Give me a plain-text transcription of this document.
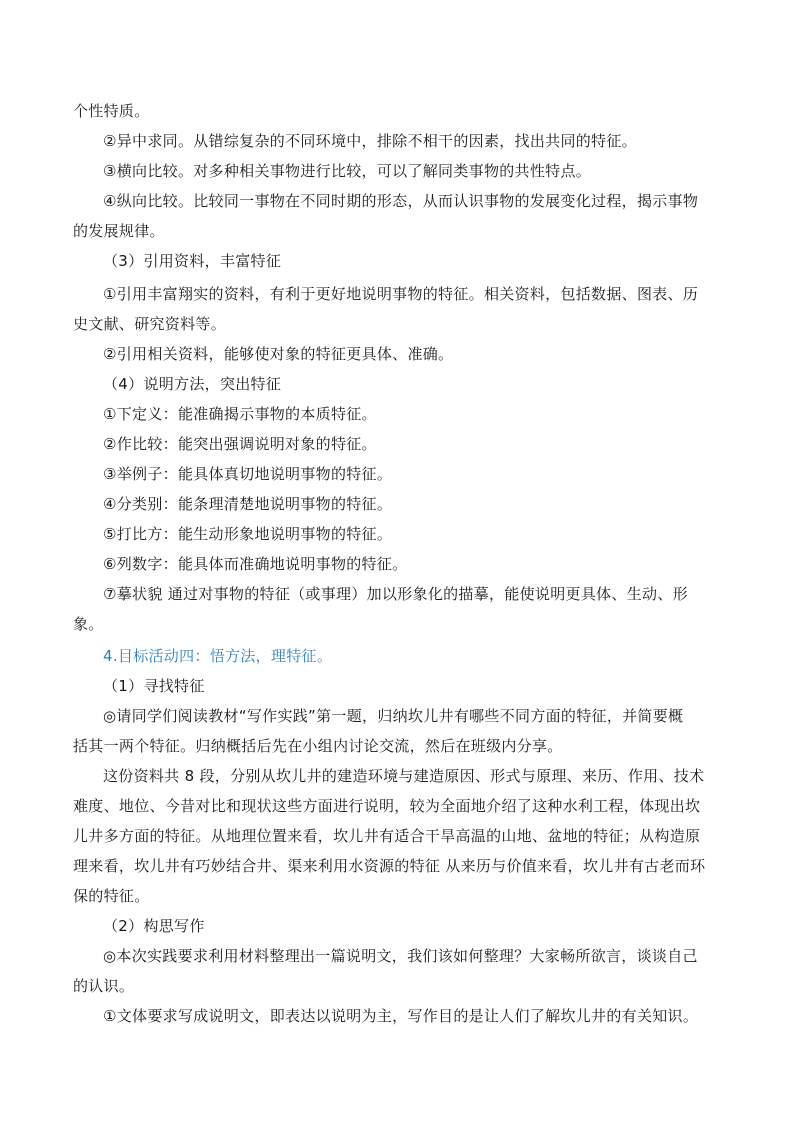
个性特质。
②异中求同。从错综复杂的不同环境中，排除不相干的因素，找出共同的特征。
③横向比较。对多种相关事物进行比较，可以了解同类事物的共性特点。
④纵向比较。比较同一事物在不同时期的形态，从而认识事物的发展变化过程，揭示事物
的发展规律。
（3）引用资料，丰富特征
①引用丰富翔实的资料，有利于更好地说明事物的特征。相关资料，包括数据、图表、历
史文献、研究资料等。
②引用相关资料，能够使对象的特征更具体、准确。
（4）说明方法，突出特征
①下定义：能准确揭示事物的本质特征。
②作比较：能突出强调说明对象的特征。
③举例子：能具体真切地说明事物的特征。
④分类别：能条理清楚地说明事物的特征。
⑤打比方：能生动形象地说明事物的特征。
⑥列数字：能具体而准确地说明事物的特征。
⑦摹状貌 通过对事物的特征（或事理）加以形象化的描摹，能使说明更具体、生动、形
象。
4.目标活动四：悟方法，理特征。
（1）寻找特征
◎请同学们阅读教材“写作实践”第一题，归纳坎儿井有哪些不同方面的特征，并简要概
括其一两个特征。归纳概括后先在小组内讨论交流，然后在班级内分享。
这份资料共 8 段，分别从坎儿井的建造环境与建造原因、形式与原理、来历、作用、技术
难度、地位、今昔对比和现状这些方面进行说明，较为全面地介绍了这种水利工程，体现出坎
儿井多方面的特征。从地理位置来看，坎儿井有适合干旱高温的山地、盆地的特征；从构造原
理来看，坎儿井有巧妙结合井、渠来利用水资源的特征 从来历与价值来看，坎儿井有古老而环
保的特征。
（2）构思写作
◎本次实践要求利用材料整理出一篇说明文，我们该如何整理？大家畅所欲言，谈谈自己
的认识。
①文体要求写成说明文，即表达以说明为主，写作目的是让人们了解坎儿井的有关知识。
